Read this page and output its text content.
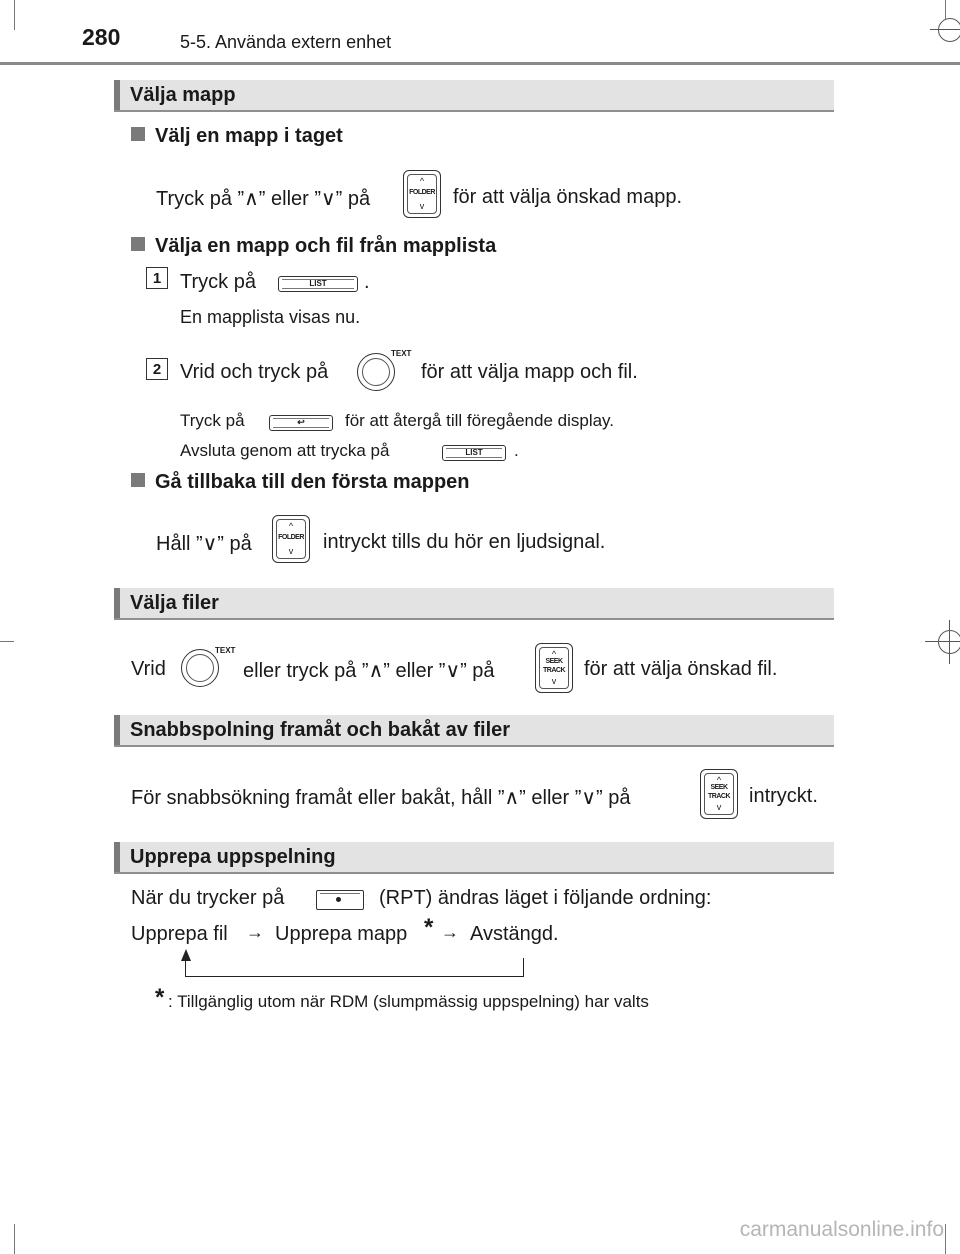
280	5-5. Använda extern enhet
Välja mapp
Välj en mapp i taget
Tryck på ”∧” eller ”∨” på
^
FOLDER
v	för att välja önskad mapp.
Välja en mapp och fil från mapplista
1 Tryck på	LIST	.
En mapplista visas nu.
2 Vrid och tryck på
TEXT
för att välja mapp och fil.
Tryck på	↩	för att återgå till föregående display.
Avsluta genom att trycka på	LIST	.
Gå tillbaka till den första mappen
Håll ”∨” på
^
FOLDER
v	intryckt tills du hör en ljudsignal.
Välja filer
Vrid
TEXT
eller tryck på ”∧” eller ”∨” på
^
SEEK
TRACK
v
för att välja önskad fil.
Snabbspolning framåt och bakåt av filer
För snabbsökning framåt eller bakåt, håll ”∧” eller ”∨” på
^
SEEK
TRACK
v	intryckt.
Upprepa uppspelning
När du trycker på	(RPT) ändras läget i följande ordning:
Upprepa fil → Upprepa mapp * → Avstängd.
* : Tillgänglig utom när RDM (slumpmässig uppspelning) har valts
carmanualsonline.info
